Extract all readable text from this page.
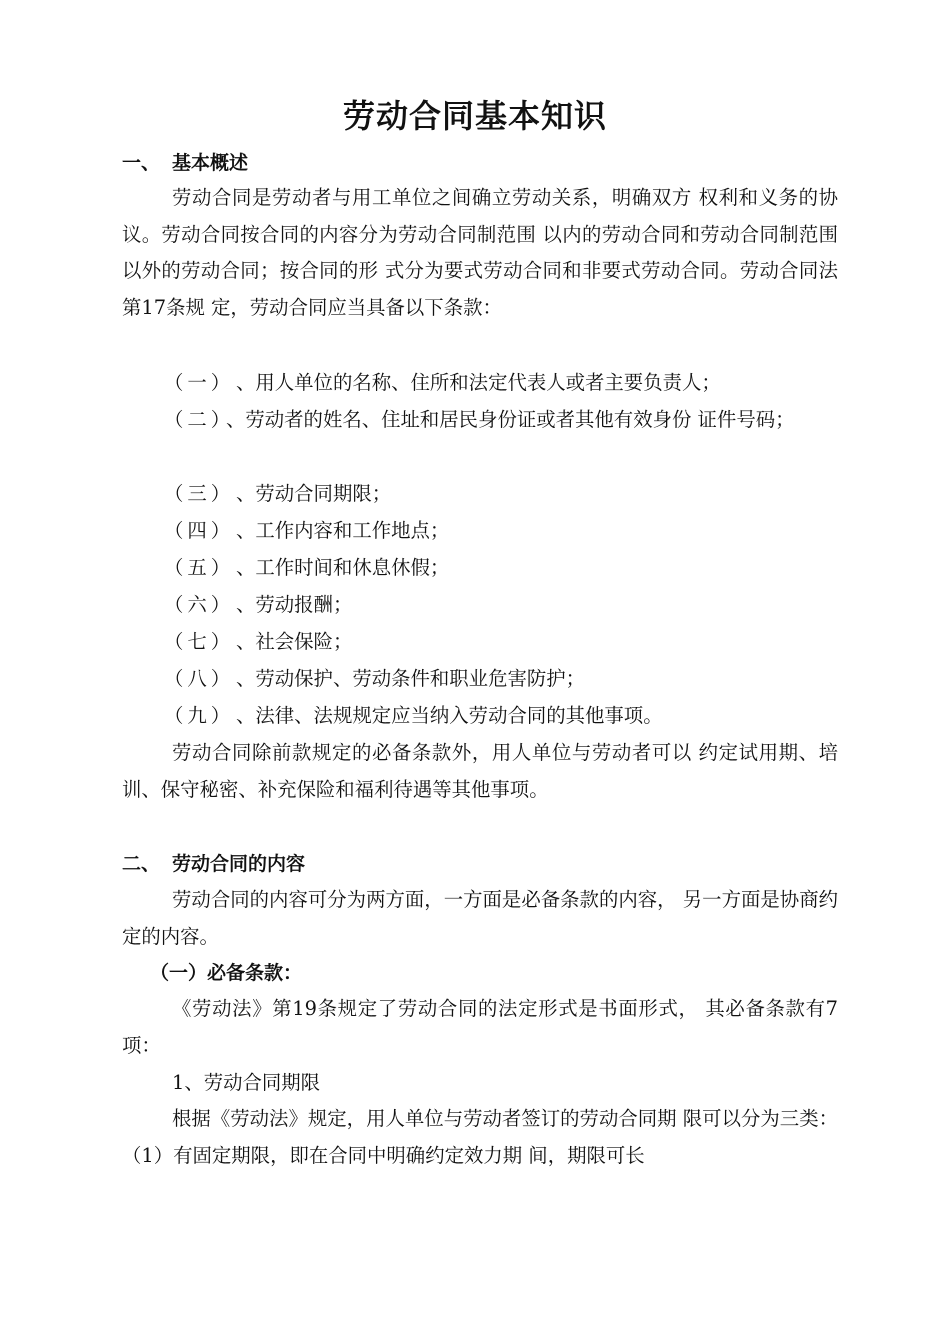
劳动合同基本知识
一、 基本概述

劳动合同是劳动者与用工单位之间确立劳动关系，明确双方 权利和义务的协议。劳动合同按合同的内容分为劳动合同制范围 以内的劳动合同和劳动合同制范围以外的劳动合同；按合同的形 式分为要式劳动合同和非要式劳动合同。劳动合同法第17条规 定，劳动合同应当具备以下条款：

（一）、用人单位的名称、住所和法定代表人或者主要负责人；

（二）、劳动者的姓名、住址和居民身份证或者其他有效身份 证件号码；

（三）、劳动合同期限；

（四）、工作内容和工作地点；

（五）、工作时间和休息休假；

（六）、劳动报酬；

（七）、社会保险；

（八）、劳动保护、劳动条件和职业危害防护；

（九）、法律、法规规定应当纳入劳动合同的其他事项。

劳动合同除前款规定的必备条款外，用人单位与劳动者可以 约定试用期、培训、保守秘密、补充保险和福利待遇等其他事项。

二、 劳动合同的内容

劳动合同的内容可分为两方面，一方面是必备条款的内容， 另一方面是协商约定的内容。

（一）必备条款：

《劳动法》第19条规定了劳动合同的法定形式是书面形式， 其必备条款有7项：

1、劳动合同期限

根据《劳动法》规定，用人单位与劳动者签订的劳动合同期 限可以分为三类：（1）有固定期限，即在合同中明确约定效力期 间，期限可长
